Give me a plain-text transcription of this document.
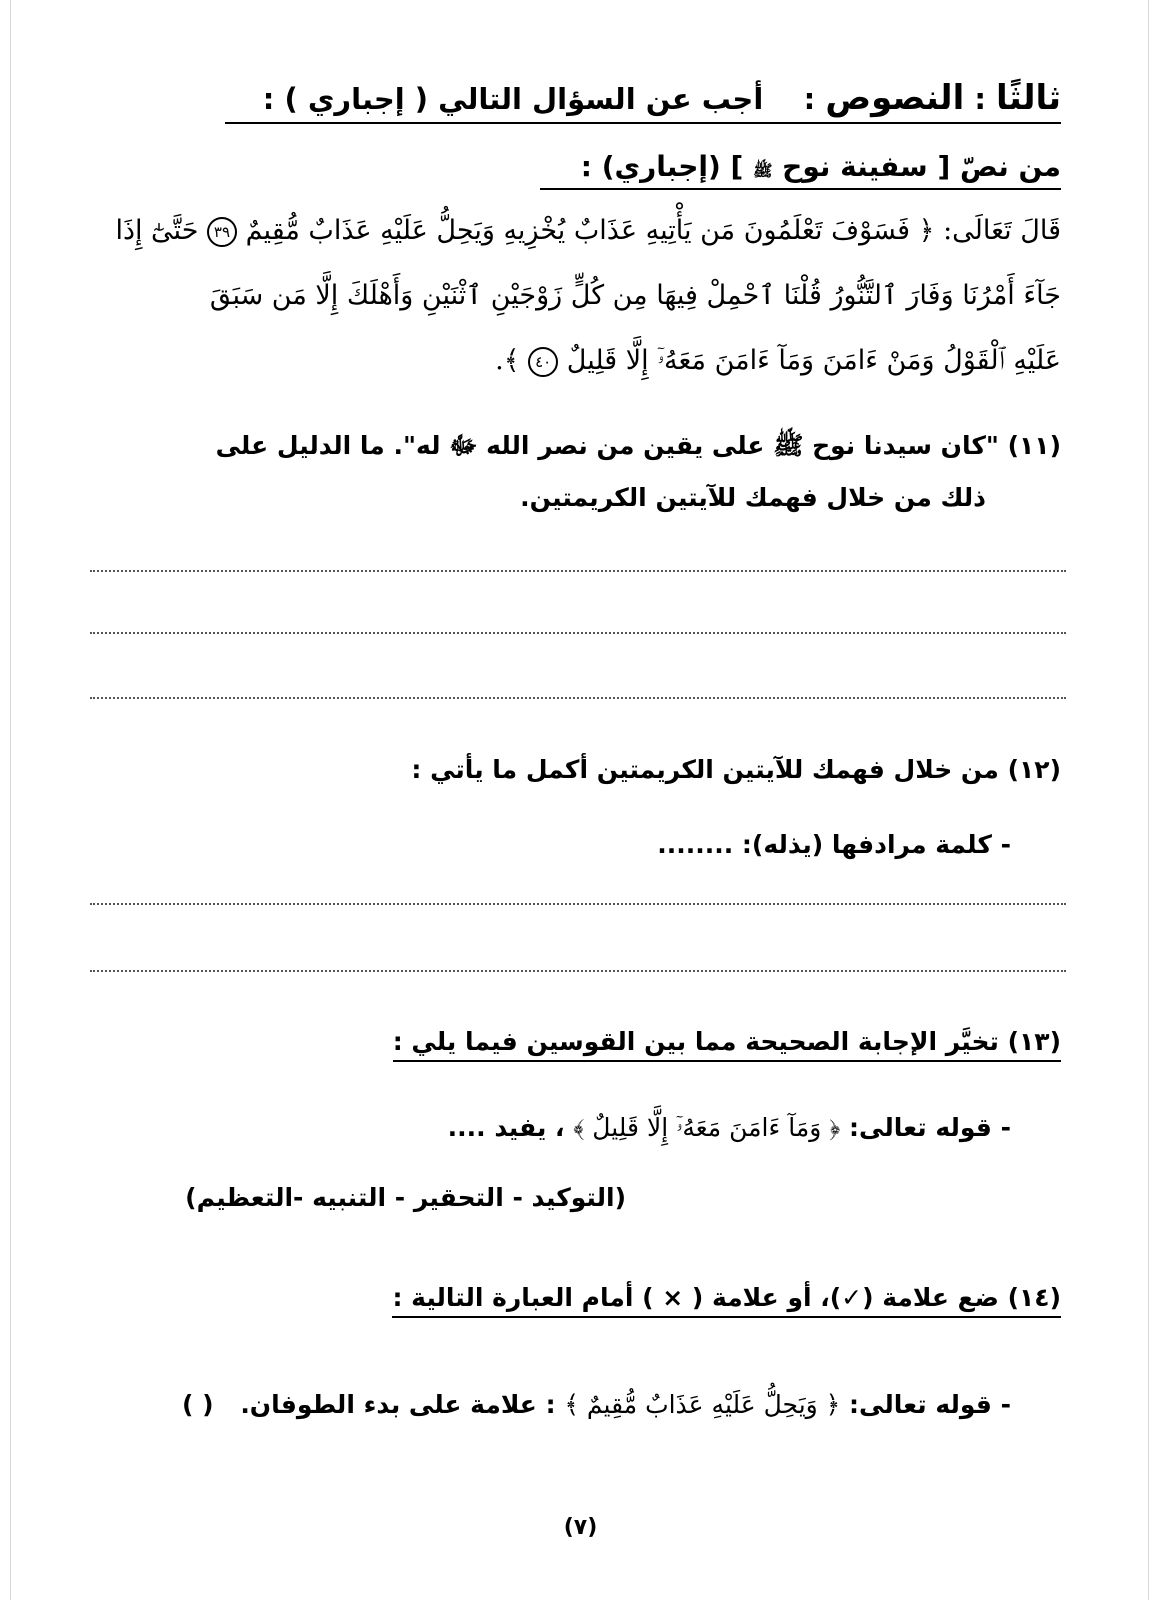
ثالثًا : النصوص :    أجب عن السؤال التالي ( إجباري ) :
من نصّ [ سفينة نوح ﷺ ] (إجباري) :
قَالَ تَعَالَى: ﴿ فَسَوْفَ تَعْلَمُونَ مَن يَأْتِيهِ عَذَابٌ يُخْزِيهِ وَيَحِلُّ عَلَيْهِ عَذَابٌ مُّقِيمٌ ٣٩ حَتَّىٰٓ إِذَا
جَآءَ أَمْرُنَا وَفَارَ ٱلتَّنُّورُ قُلْنَا ٱحْمِلْ فِيهَا مِن كُلٍّ زَوْجَيْنِ ٱثْنَيْنِ وَأَهْلَكَ إِلَّا مَن سَبَقَ
عَلَيْهِ ٱلْقَوْلُ وَمَنْ ءَامَنَ وَمَآ ءَامَنَ مَعَهُۥٓ إِلَّا قَلِيلٌ ٤٠ ﴾.
(١١) "كان سيدنا نوح ﷺ على يقين من نصر الله ﷻ له". ما الدليل على
ذلك من خلال فهمك للآيتين الكريمتين.
(١٢) من خلال فهمك للآيتين الكريمتين أكمل ما يأتي :
- كلمة مرادفها (يذله): ........
(١٣) تخيَّر الإجابة الصحيحة مما بين القوسين فيما يلي :
- قوله تعالى: ﴿ وَمَآ ءَامَنَ مَعَهُۥٓ إِلَّا قَلِيلٌ ﴾ ، يفيد ....
(التوكيد - التحقير - التنبيه -التعظيم)
(١٤) ضع علامة (✓)، أو علامة ( × ) أمام العبارة التالية :
- قوله تعالى: ﴿ وَيَحِلُّ عَلَيْهِ عَذَابٌ مُّقِيمٌ ﴾ : علامة على بدء الطوفان. ( )
(٧)
